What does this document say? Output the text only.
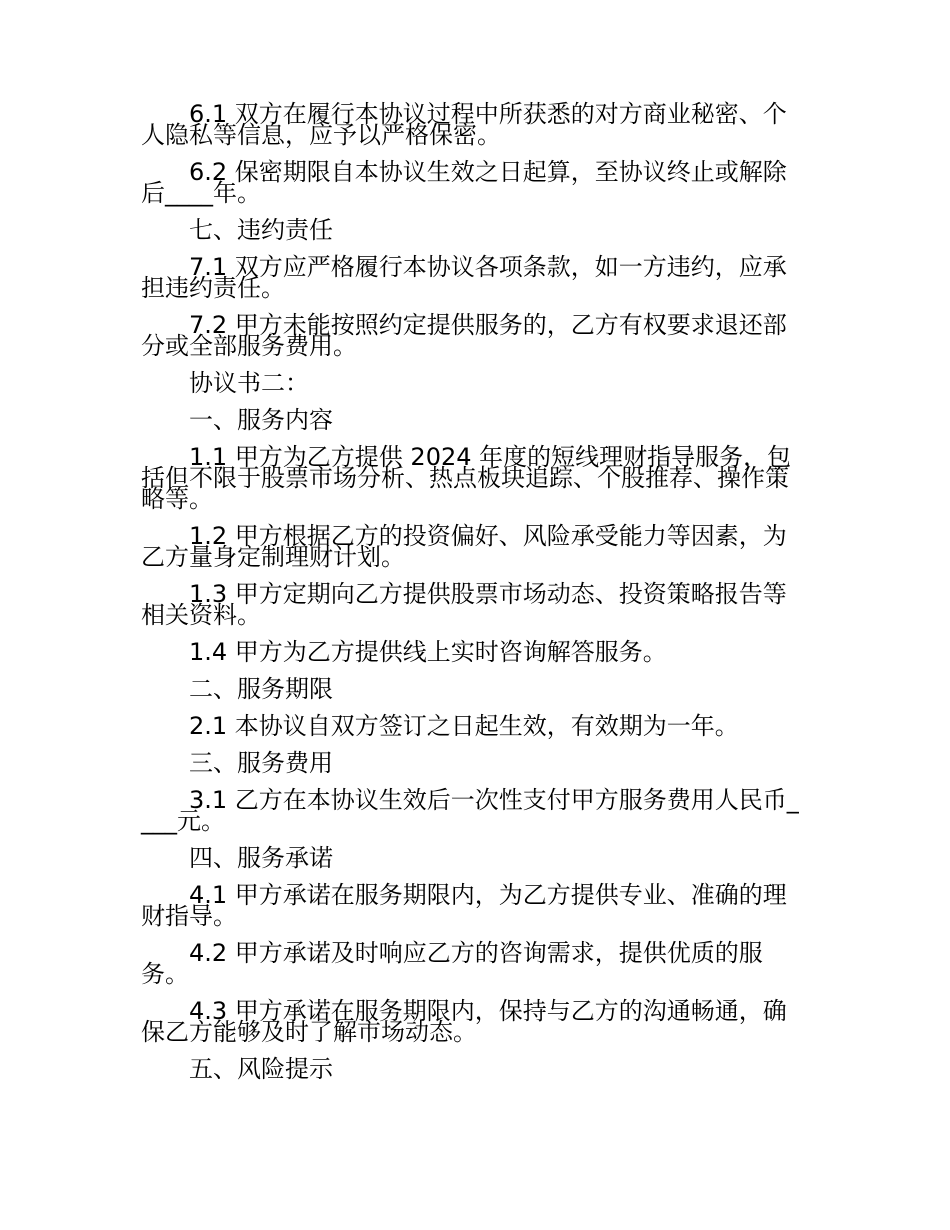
6.1 双方在履行本协议过程中所获悉的对方商业秘密、个人隐私等信息，应予以严格保密。

6.2 保密期限自本协议生效之日起算，至协议终止或解除后____年。

七、违约责任

7.1 双方应严格履行本协议各项条款，如一方违约，应承担违约责任。

7.2 甲方未能按照约定提供服务的，乙方有权要求退还部分或全部服务费用。

协议书二：

一、服务内容

1.1 甲方为乙方提供 2024 年度的短线理财指导服务，包括但不限于股票市场分析、热点板块追踪、个股推荐、操作策略等。

1.2 甲方根据乙方的投资偏好、风险承受能力等因素，为乙方量身定制理财计划。

1.3 甲方定期向乙方提供股票市场动态、投资策略报告等相关资料。

1.4 甲方为乙方提供线上实时咨询解答服务。

二、服务期限

2.1 本协议自双方签订之日起生效，有效期为一年。

三、服务费用

3.1 乙方在本协议生效后一次性支付甲方服务费用人民币____元。

四、服务承诺

4.1 甲方承诺在服务期限内，为乙方提供专业、准确的理财指导。

4.2 甲方承诺及时响应乙方的咨询需求，提供优质的服务。

4.3 甲方承诺在服务期限内，保持与乙方的沟通畅通，确保乙方能够及时了解市场动态。

五、风险提示
